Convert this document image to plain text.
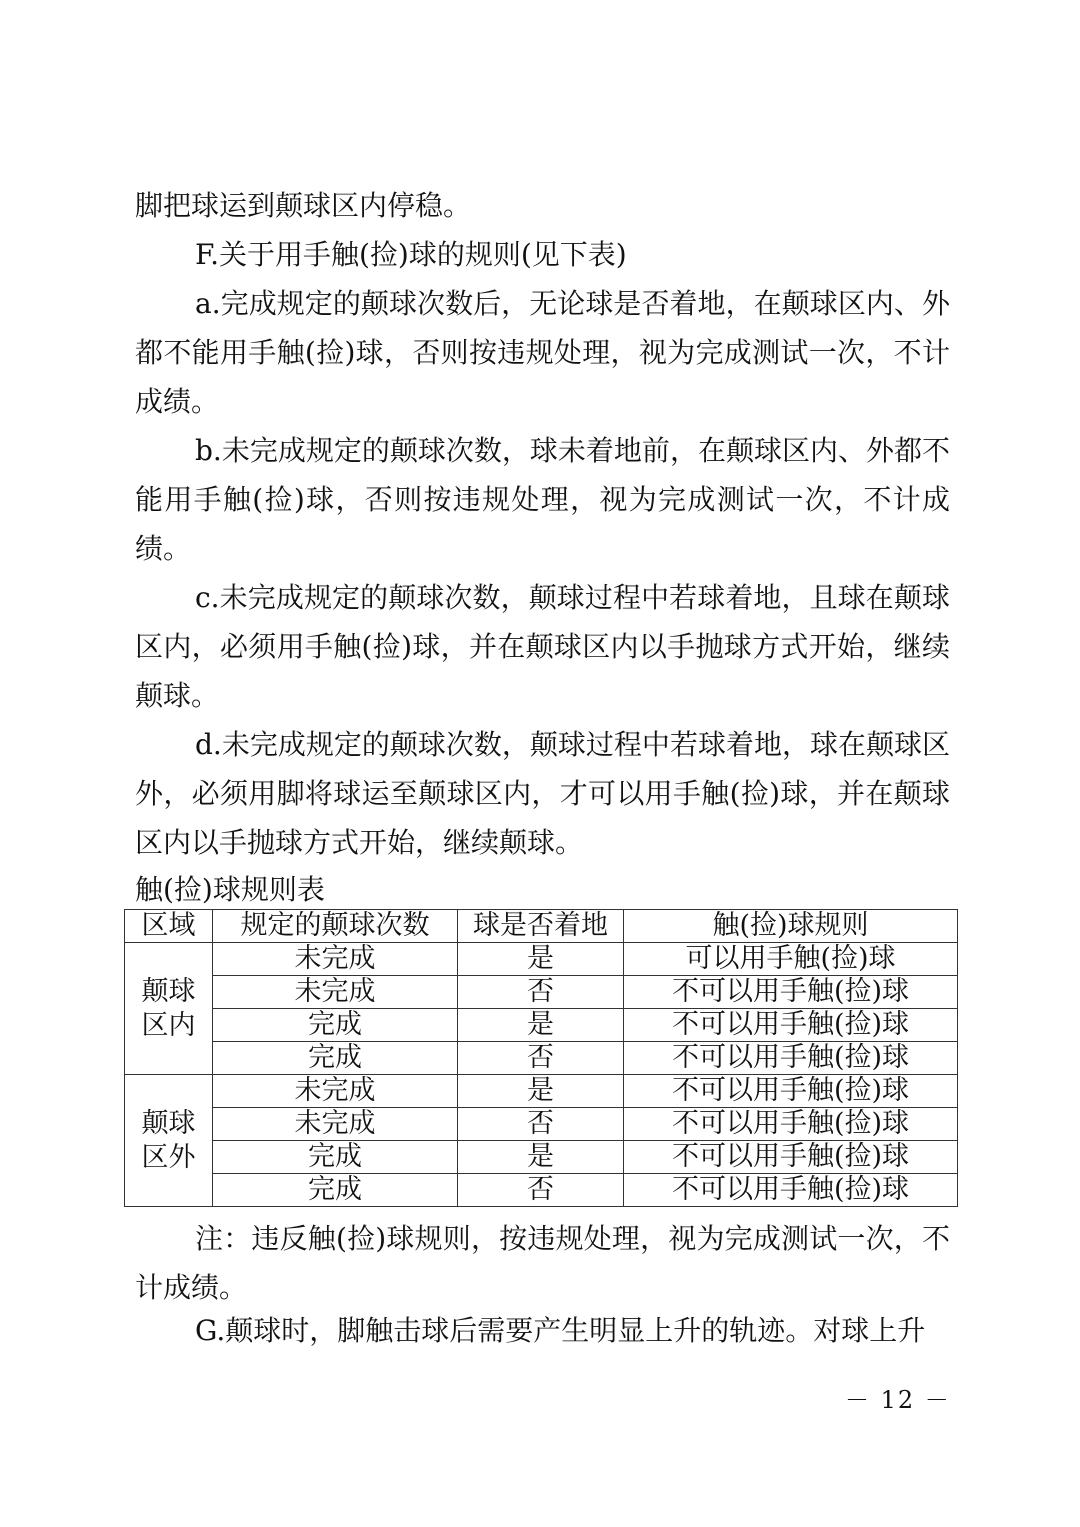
脚把球运到颠球区内停稳。

F.关于用手触(捡)球的规则(见下表)

a.完成规定的颠球次数后，无论球是否着地，在颠球区内、外都不能用手触(捡)球，否则按违规处理，视为完成测试一次，不计成绩。

b.未完成规定的颠球次数，球未着地前，在颠球区内、外都不能用手触(捡)球，否则按违规处理，视为完成测试一次，不计成绩。

c.未完成规定的颠球次数，颠球过程中若球着地，且球在颠球区内，必须用手触(捡)球，并在颠球区内以手抛球方式开始，继续颠球。

d.未完成规定的颠球次数，颠球过程中若球着地，球在颠球区外，必须用脚将球运至颠球区内，才可以用手触(捡)球，并在颠球区内以手抛球方式开始，继续颠球。

触(捡)球规则表
区域	规定的颠球次数	球是否着地	触(捡)球规则
颠球区内	未完成	是	可以用手触(捡)球
	未完成	否	不可以用手触(捡)球
	完成	是	不可以用手触(捡)球
	完成	否	不可以用手触(捡)球
颠球区外	未完成	是	不可以用手触(捡)球
	未完成	否	不可以用手触(捡)球
	完成	是	不可以用手触(捡)球
	完成	否	不可以用手触(捡)球

注：违反触(捡)球规则，按违规处理，视为完成测试一次，不计成绩。

G.颠球时，脚触击球后需要产生明显上升的轨迹。对球上升

－ 12 －
